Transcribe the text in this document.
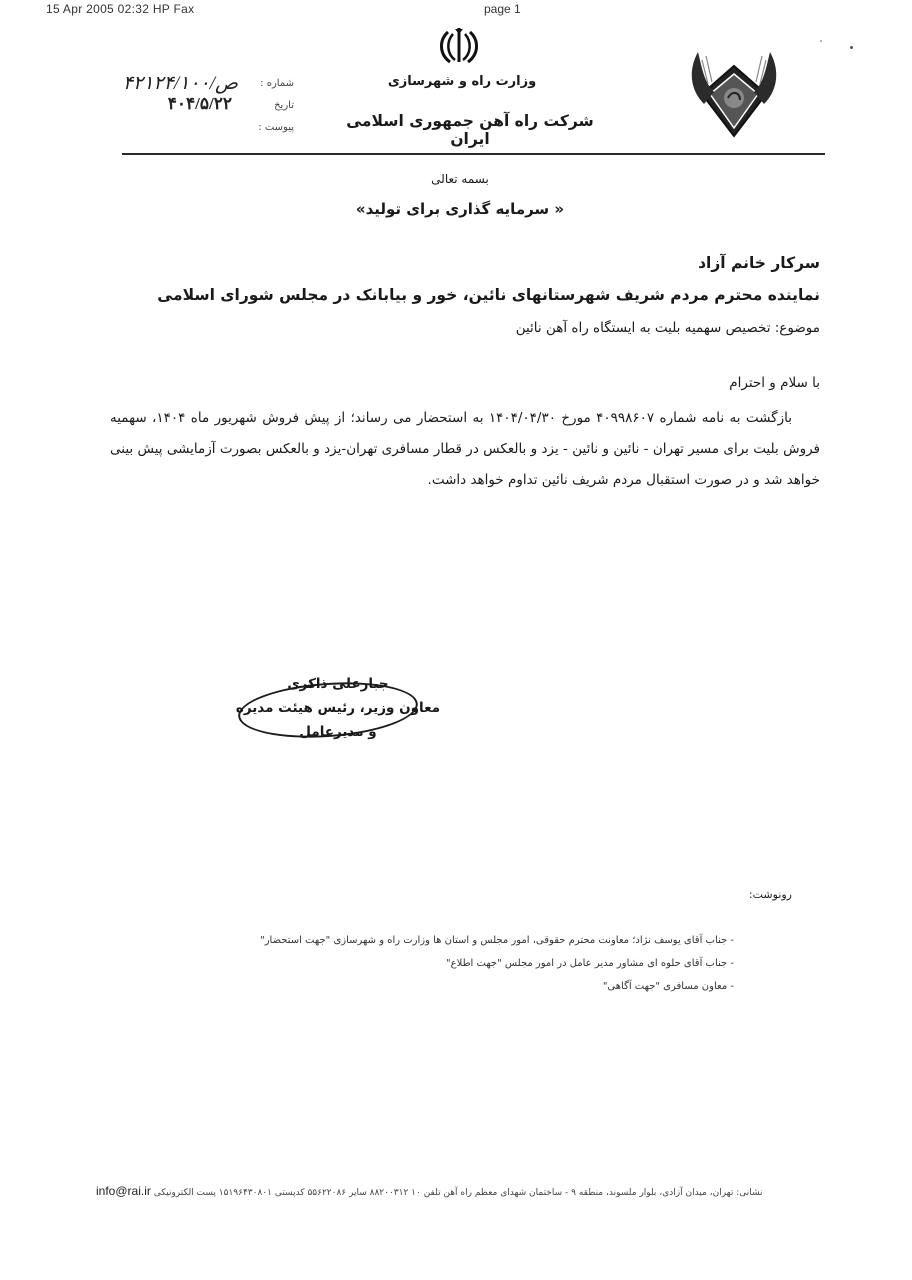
15 Apr 2005 02:32 HP Fax	page 1
وزارت راه و شهرسازی
شرکت راه آهن جمهوری اسلامی ایران
شماره :
۴۲۱۲۴/۱۰۰/ص
تاریخ
۴۰۴/۵/۲۲
پیوست :
بسمه تعالی
« سرمایه گذاری برای تولید»
سرکار خانم آزاد
نماینده محترم مردم شریف شهرستانهای نائین، خور و بیابانک در مجلس شورای اسلامی
موضوع: تخصیص سهمیه بلیت به ایستگاه راه آهن نائین
با سلام و احترام

بازگشت به نامه شماره ۴۰۹۹۸۶۰۷ مورخ ۱۴۰۴/۰۴/۳۰ به استحضار می رساند؛ از پیش فروش شهریور ماه ۱۴۰۴، سهمیه فروش بلیت برای مسیر تهران - نائین و نائین - یزد و بالعکس در قطار مسافری تهران-یزد و بالعکس بصورت آزمایشی پیش بینی خواهد شد و در صورت استقبال مردم شریف نائین تداوم خواهد داشت.

جبارعلی ذاکری
معاون وزیر، رئیس هیئت مدیره
و مدیرعامل
رونوشت:
- جناب آقای یوسف نژاد؛ معاونت محترم حقوقی، امور مجلس و استان ها وزارت راه و شهرسازی "جهت استحضار"
- جناب آقای حلوه ای مشاور مدیر عامل در امور مجلس "جهت اطلاع"
- معاون مسافری "جهت آگاهی"
نشانی: تهران، میدان آزادی، بلوار ملسوند، منطقه ۹ - ساختمان شهدای معظم راه آهن تلفن ۱۰ ۸۸۲۰۰۳۱۲ سایر ۵۵۶۲۲۰۸۶ کدپستی ۱۵۱۹۶۴۳۰۸۰۱ پست الکترونیکی info@rai.ir
